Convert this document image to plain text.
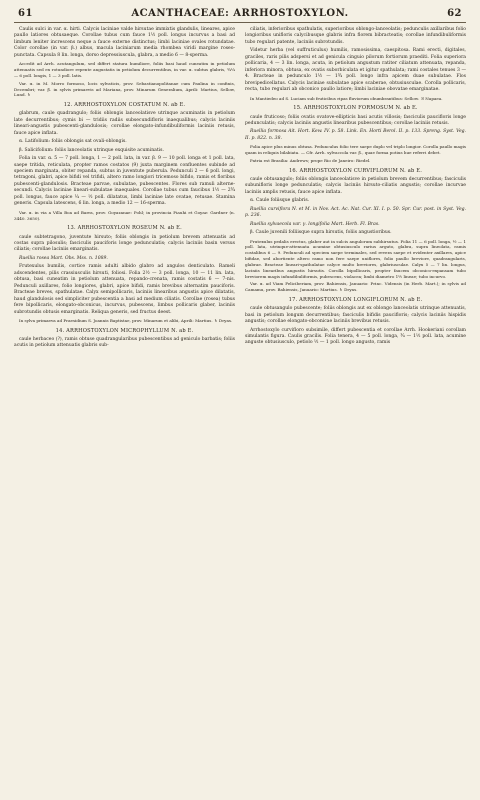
61	ACANTHACEAE: ARRHOSTOXYLON.	62

Caulis sulci in var. α. hirti. Calycis laciniae valde hirsutae immixtis glandulis, lineares, apice paullo latiores obtusaeque. Corollae tubus cum fauce 1½ poll. longus incurvus a basi ad limbum leniter increscens neque a fauce externe distinctus; limbi laciniae ovales rotundatae. Color corollae (in var. β.) albus, macula laciniarum media rhombea viridi margine roseo-punctata. Capsula 8 lin. longa, dorso depressiuscula, glabra, a medio 6 — 8-sperma.

Accedit ad Arrh. acutangulum, sed differt statura humiliore, foliis basi haud cuneatim in petiolum attenuatis sed ex rotundiore repente angustatis in petiolum decurrentibus, in var. α. subtus glabris, ¾¼ — 6 poll. longis, 1 — 3 poll. latis.

Var. α. in M. Morro formoso, locis sylvaticis, prov. Sebastianopolitanae cum Paulina in confinis, Decembri; var. β. in sylvis primaevis ad Mariana, prov. Minarum Generalium, Aprili: Martius, Sellow, Lund. ♄

12. ARRHOSTOXYLON COSTATUM N. ab E.

glabrum, caule quadrangulo; foliis oblongis lanceolatisve utrinque acuminatis in petiolum late decurrentibus; cymis bi — tridiis radiis subsecundifloris inaequalibus; calycis laciniis lineari-angustis pubescenti-glandulosis; corollae elongato-infundibuliformis laciniis retusis, fauce apice inflata.

α. Latifolium: foliis oblongis sat ovali-oblongis.

β. Salicifolium: foliis lanceolatis utrinque exquisite acuminatis.

Folia in var. α. 5 — 7 poll. longa, 1 — 2 poll. lata, in var. β. 9 — 10 poll. longa et 1 poll. lata, saepe tritida, reticulata, propter ramos costatos (9) juxta marginem confluentes subinde ad speciem marginata, obiter repanda, subtus in juventute puberula. Pedunculi 2 — 6 poll. longi, tetragoni, glabri, apice bifidi vel trifidi, altero ramo longiori tricemoso bifido, ramis et floribus pubescenti-glandulosis. Bracteae parvae, subulatae, pubescentes. Flores sub ramuli alterne-secundi. Calycis laciniae lineari-subulatae inaequales. Corollae tubus cum faucibus 1½ — 2¾ poll. longus, fauce apice ¼ — ½ poll. dilatatus, limbi laciniae late ovatae, retusae. Stamina generis. Capsula latescens, 6 lin. longa, a medio 12 — 16-sperma.

Var. α. in via a Villa Boa ad Barra, prov. Goyazanae: Pohl; in provincia Piauhi et Goyaz: Gardner (n. 3440. 3650).

13. ARRHOSTOXYLON ROSEUM N. ab E.

caule subtetragono, juventute hirsuto; foliis oblongis in petiolum brevem attenuatis ad costas supra pilosulis; fasciculis pauciforis longe pedunculatis; calycis laciniis basin versus ciliatis; corollae laciniis emarginatis.

Ruellia rosea Mart. Obs. Mss. n. 1089.

Frutexulus bumilis, cortice ramis adulti albido glabro ad angulos denticulato. Rameli adscendentes, pilis crassiusculis hirsuti, foliosi. Folia 2½ — 3 poll. longa, 10 — 11 lin. lata, obtusa, basi cuneatim in petiolum attenuata, repando-crenata, ramis costatis 6 — 7-nis. Pedunculi axillares, folio longiores, glabri, apice bifidi, ramis brevibus alternatim pauciforis. Bracteae breves, spathulatae. Calyx semipollicaris, laciniis linearibus angustis apice dilatatis, haud glandulosis sed simpliciter pubescentia a basi ad medium ciliatis. Corollae (rosea) tubus fere bipollicaris, elongato-obconicus, incurvus, pubescens, limbus pollicaris glaber, laciniis subrotundis obtusis emarginatis. Reliqua generis, sed fructus deest.

In sylva primaeva ad Praesidium S. Joannis Baptistae, prov. Minarum et alibi, Aprili: Martius. ♄ Dryas.

14. ARRHOSTOXYLON MICROPHYLLUM N. ab E.

caule herbaceo (?), ramis obtuse quadrangularibus pubescentibus ad geniculo barbatis; foliis acutis in petiolum attenuatis glabris sub-

ciliatis, inferioribus spathulatis, superioribus oblongo-lanceolatis; pedunculis axillaribus folio longioribus unifloris calycibusque glabris infra florem bibracteatis; corollae infundibuliformis tubo regulari patente, laciniis subrotundis.

Videtur herba (vel suffruticulus) humilis, ramosissima, caespitosa. Rami erecti, digitales, graciles, raris pilis adspersi et ad genicula cinguio pilorum fortiorum praediti. Folia superiora pollicaria, 4 — 3 lin. longa, acuta, in petiolum angustum ratiter ciliatum attenuata, repanda, inferiora minora, obtusa, ex ovatis suborbiculata et igitur spathulata; rami costales tenues 3 — 4. Bracteae in pedunculo 1½ — 1¾ poll. longo infra apicem duae subulatae. Flos brevipedicellatus. Calycis laciniae subulatae apice scaberae, obtusiusculae. Corolla pollicaris, recta, tubo regulari ab obconico paullo latiore; limbi laciniae obovatae emarginatae.

In Mantiedeo ad S. Luciam sub fruticibus ripas fluviorum obumbrantibus: Sellow. ♃ Napaea.

15. ARRHOSTOXYLON FORMOSUM N. ab E.

caule fruticoso; foliis ovatis ovatove-ellipticis basi acutis villosis; fasciculis paucifloris longe pedunculatis; calycis laciniis angustis linearibus pubescentibus; corollae laciniis retusis.

Ruellia formosa Ait. Hort. Kew. IV. p. 58. Link. En. Horti Berol. II. p. 133. Spreng. Syst. Veg. II. p. 822. n. 38.

Folia apice plus minus obtusa. Pedunculus folio tere saepe duplo vel triplo longior. Corolla paullo magis quam in reliquis bilabiata. — Cfr. Arrh. sylvaccola var. β., quae forma potius hue referri debet.

Patria est Brasilia: Andrews; prope Rio de Janeiro: Riedel.

16. ARRHOSTOXYLON CURVIFLORUM N. ab E.

caule obtusangulo; foliis oblongis lanceolatisve in petiolum brevem decurrentibus; fasciculis subunifloris longe pedunculatis; calycis laciniis hirsuto-ciliatis angustis; corollae incurvae laciniis amplis retusis, fauce apice inflata.

α. Caule foliisque glabris.

Ruellia curviflora N. et M. in Nov. Act. Ac. Nat. Cur. XI. I. p. 50. Spr. Cur. post. in Syst. Veg. p. 236.

Ruellia sylvaecola var. γ. longifolia Mart. Herb. Fl. Bras.

β. Caule juvenili folliisque supra hirsutis, foliis angustioribus.

Frutexulus pedalis erectus, glaber aut in sulcis angulorum subhirsutus. Folia 11 — 6 poll. longa, ½ — 1 poll. lata, utrinque-attenuata acumine obtusiusculo rarius arguto, glabra, supra lineolata, ramis costalibus 6 — 9. Pedunculi ad speciem saepe terminales, sed revera saepe et evidenter axillares, apice bifidae, sed abortiente altero ramo non fere saepe uniflores, folio paullo breviore, quadrangularis, glabrae. Bracteae lineari-spathulatae calyce multo breviores, glabriusculae. Calyx 5 — 7 lin. longus, laciniis linearibus angustis hirsutis. Corolla bipollicaris, propter faucem obconico-expansam tubo breviorem magis infundibuliformis, pubescens, violacea; limbi diametro 1½ lineae; tubo incurvo.

Var. α. ad Viam Feliciberiam, prov. Bahiensis, Januario: Princ. Vidensis (in Herb. Mart.); in sylvis ad Camamu, prov. Bahiensis, Januario: Martius. ♄ Dryas.

17. ARRHOSTOXYLON LONGIFLORUM N. ab E.

caule obtusangulo pubescente; foliis oblongis aut ex oblongo lanceolatis utrinque attenuatis, basi in petiolum longum decurrentibus; fasciculis bifidis paucifloris; calycis laciniis hispidis angustis; corollae elongato-obconicae laciniis brevibus retusis.

Arrhostoxylo curvifloro subsimile, differt pubescentia et corollae Arrh. Hookeriani corollam simulantis figura. Caulis gracilis. Folia tenera, 4 — 5 poll. longa, ¾ — 1½ poll. lata, acumine anguste obtusiusculo, petiolo ½ — 1 poll. longo angusto, ramis
